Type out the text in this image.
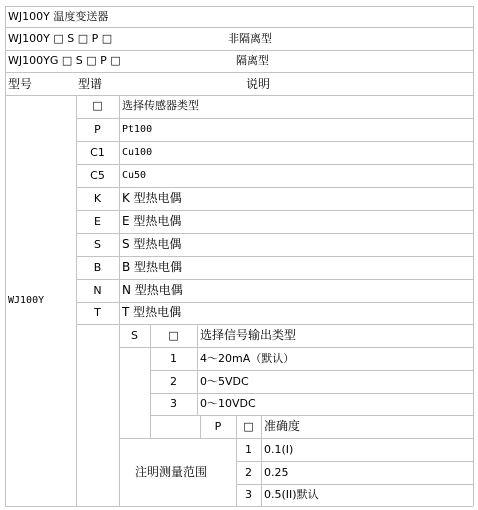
WJ100Y 温度变送器
WJ100Y □ S □ P □	非隔离型
WJ100YG □ S □ P □	隔离型
型号	型谱	说明
WJ100Y
□	选择传感器类型
P	Pt100
C1	Cu100
C5	Cu50
K	K 型热电偶
E	E 型热电偶
S	S 型热电偶
B	B 型热电偶
N	N 型热电偶
T	T 型热电偶
S	□	选择信号输出类型
1	4～20mA（默认）
2	0～5VDC
3	0～10VDC
P	□ 准确度
注明测量范围
1	0.1(I)
2	0.25
3	0.5(II)默认
